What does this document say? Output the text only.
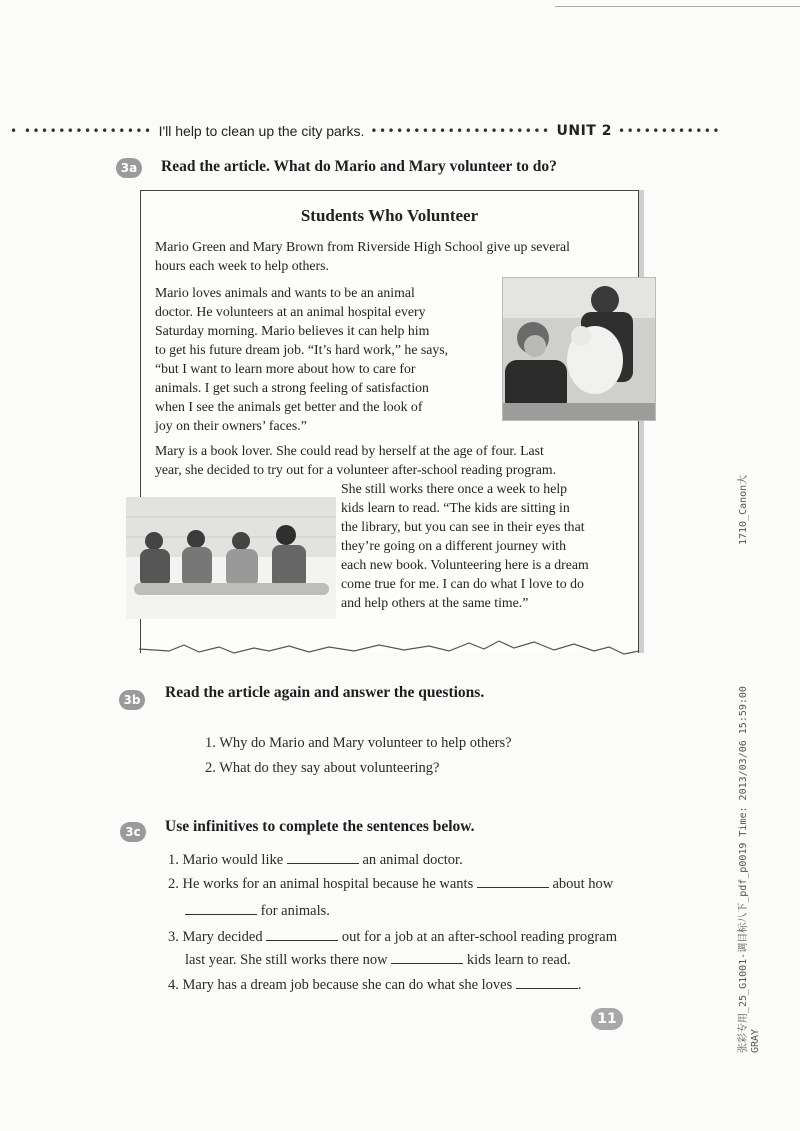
• ••••••••••••••• I'll help to clean up the city parks. ••••••••••••••••••••• UNIT 2 ••••••••••••
3a	Read the article. What do Mario and Mary volunteer to do?
Students Who Volunteer
Mario Green and Mary Brown from Riverside High School give up several
hours each week to help others.
Mario loves animals and wants to be an animal
doctor. He volunteers at an animal hospital every
Saturday morning. Mario believes it can help him
to get his future dream job. “It’s hard work,” he says,
“but I want to learn more about how to care for
animals. I get such a strong feeling of satisfaction
when I see the animals get better and the look of
joy on their owners’ faces.”
Mary is a book lover. She could read by herself at the age of four. Last
year, she decided to try out for a volunteer after-school reading program.
She still works there once a week to help
kids learn to read. “The kids are sitting in
the library, but you can see in their eyes that
they’re going on a different journey with
each new book. Volunteering here is a dream
come true for me. I can do what I love to do
and help others at the same time.”
3b Read the article again and answer the questions.
1. Why do Mario and Mary volunteer to help others?
2. What do they say about volunteering?
3c	Use infinitives to complete the sentences below.
1. Mario would like	an animal doctor.
2. He works for an animal hospital because he wants	about how
for animals.
3. Mary decided	out for a job at an after-school reading program
last year. She still works there now	kids learn to read.
4. Mary has a dream job because she can do what she loves	.
11
1710_Canon大
张彩专用_25_G1001-调目标八下_pdf_p0019 Time: 2013/03/06 15:59:00 GRAY
